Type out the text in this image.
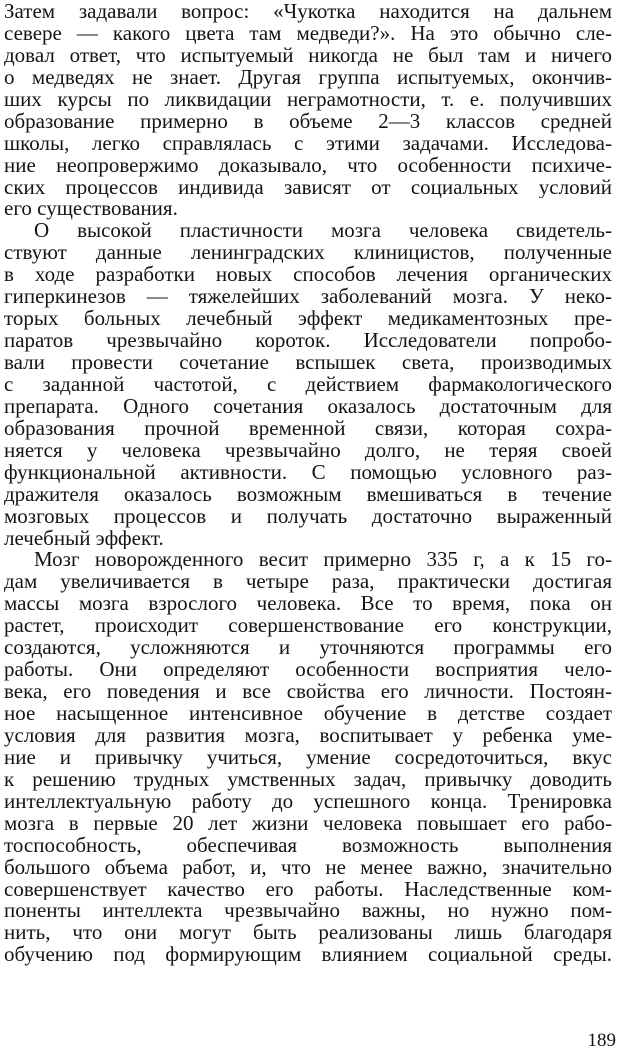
Затем задавали вопрос: «Чукотка находится на дальнем
севере — какого цвета там медведи?». На это обычно сле-
довал ответ, что испытуемый никогда не был там и ничего
о медведях не знает. Другая группа испытуемых, окончив-
ших курсы по ликвидации неграмотности, т. е. получивших
образование примерно в объеме 2—3 классов средней
школы, легко справлялась с этими задачами. Исследова-
ние неопровержимо доказывало, что особенности психиче-
ских процессов индивида зависят от социальных условий
его существования.
О высокой пластичности мозга человека свидетель-
ствуют данные ленинградских клиницистов, полученные
в ходе разработки новых способов лечения органических
гиперкинезов — тяжелейших заболеваний мозга. У неко-
торых больных лечебный эффект медикаментозных пре-
паратов чрезвычайно короток. Исследователи попробо-
вали провести сочетание вспышек света, производимых
с заданной частотой, с действием фармакологического
препарата. Одного сочетания оказалось достаточным для
образования прочной временной связи, которая сохра-
няется у человека чрезвычайно долго, не теряя своей
функциональной активности. С помощью условного раз-
дражителя оказалось возможным вмешиваться в течение
мозговых процессов и получать достаточно выраженный
лечебный эффект.
Мозг новорожденного весит примерно 335 г, а к 15 го-
дам увеличивается в четыре раза, практически достигая
массы мозга взрослого человека. Все то время, пока он
растет, происходит совершенствование его конструкции,
создаются, усложняются и уточняются программы его
работы. Они определяют особенности восприятия чело-
века, его поведения и все свойства его личности. Постоян-
ное насыщенное интенсивное обучение в детстве создает
условия для развития мозга, воспитывает у ребенка уме-
ние и привычку учиться, умение сосредоточиться, вкус
к решению трудных умственных задач, привычку доводить
интеллектуальную работу до успешного конца. Тренировка
мозга в первые 20 лет жизни человека повышает его рабо-
тоспособность, обеспечивая возможность выполнения
большого объема работ, и, что не менее важно, значительно
совершенствует качество его работы. Наследственные ком-
поненты интеллекта чрезвычайно важны, но нужно пом-
нить, что они могут быть реализованы лишь благодаря
обучению под формирующим влиянием социальной среды.
189
